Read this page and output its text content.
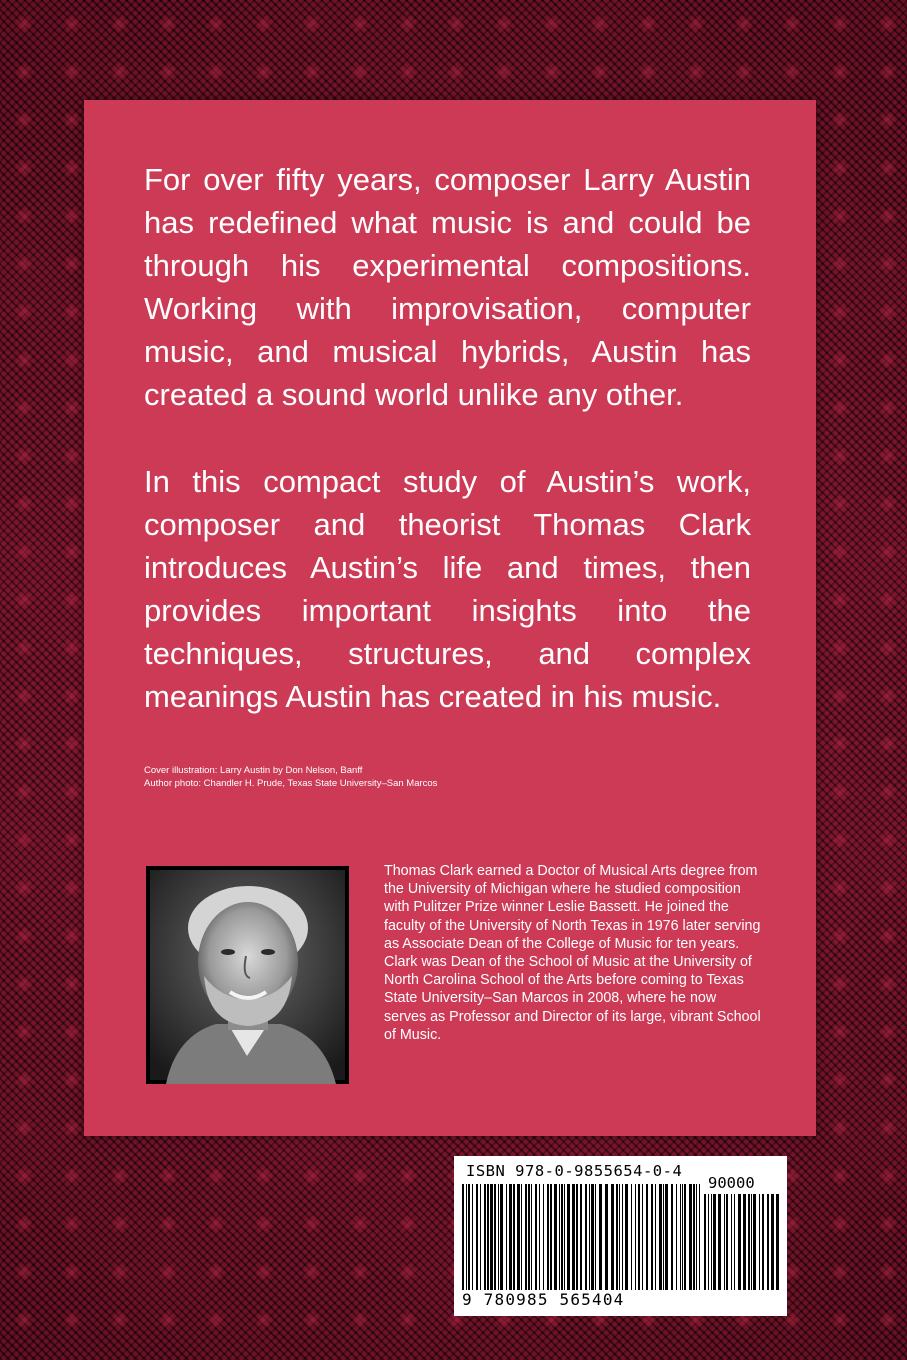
For over fifty years, composer Larry Austin has redefined what music is and could be through his experimental compositions. Working with improvisation, computer music, and musical hybrids, Austin has created a sound world unlike any other.

In this compact study of Austin’s work, composer and theorist Thomas Clark introduces Austin’s life and times, then provides important insights into the techniques, structures, and complex meanings Austin has created in his music.

Cover illustration: Larry Austin by Don Nelson, Banff
Author photo: Chandler H. Prude, Texas State University–San Marcos

Thomas Clark earned a Doctor of Musical Arts degree from the University of Michigan where he studied composition with Pulitzer Prize winner Leslie Bassett. He joined the faculty of the University of North Texas in 1976 later serving as Associate Dean of the College of Music for ten years. Clark was Dean of the School of Music at the University of North Carolina School of the Arts before coming to Texas State University–San Marcos in 2008, where he now serves as Professor and Director of its large, vibrant School of Music.

ISBN 978-0-9855654-0-4
90000
9 780985 565404
